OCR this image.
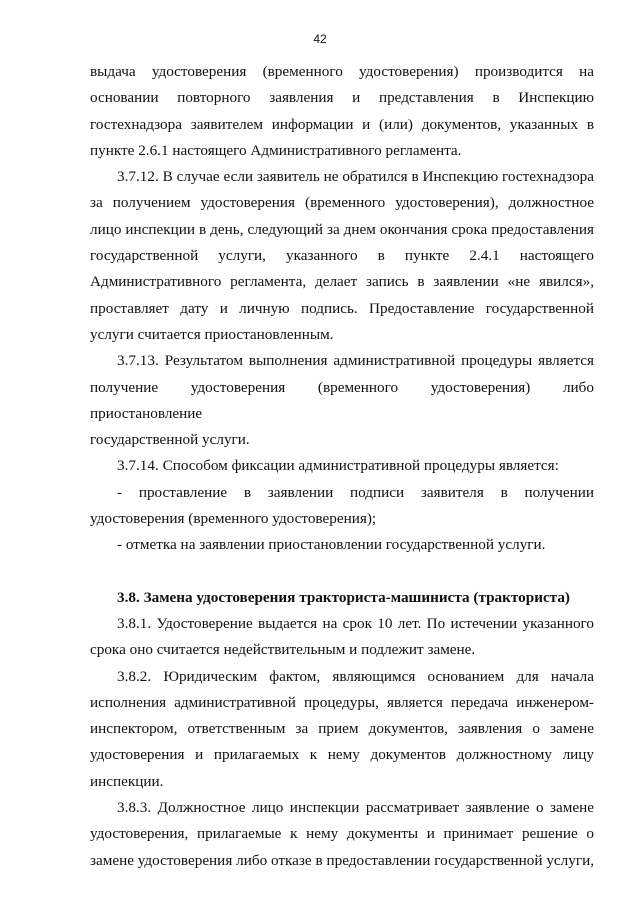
42
выдача удостоверения (временного удостоверения) производится на
основании повторного заявления и представления в Инспекцию
гостехнадзора заявителем информации и (или) документов, указанных в
пункте 2.6.1 настоящего Административного регламента.
3.7.12. В случае если заявитель не обратился в Инспекцию гостехнадзора
за получением удостоверения (временного удостоверения), должностное
лицо инспекции в день, следующий за днем окончания срока предоставления
государственной услуги, указанного в пункте 2.4.1 настоящего
Административного регламента, делает запись в заявлении «не явился»,
проставляет дату и личную подпись. Предоставление государственной
услуги считается приостановленным.
3.7.13. Результатом выполнения административной процедуры является
получение удостоверения (временного удостоверения) либо приостановление
государственной услуги.
3.7.14. Способом фиксации административной процедуры является:
- проставление в заявлении подписи заявителя в получении
удостоверения (временного удостоверения);
- отметка на заявлении приостановлении государственной услуги.
3.8. Замена удостоверения тракториста-машиниста (тракториста)
3.8.1. Удостоверение выдается на срок 10 лет. По истечении указанного
срока оно считается недействительным и подлежит замене.
3.8.2. Юридическим фактом, являющимся основанием для начала
исполнения административной процедуры, является передача инженером-
инспектором, ответственным за прием документов, заявления о замене
удостоверения и прилагаемых к нему документов должностному лицу
инспекции.
3.8.3. Должностное лицо инспекции рассматривает заявление о замене
удостоверения, прилагаемые к нему документы и принимает решение о
замене удостоверения либо отказе в предоставлении государственной услуги,
